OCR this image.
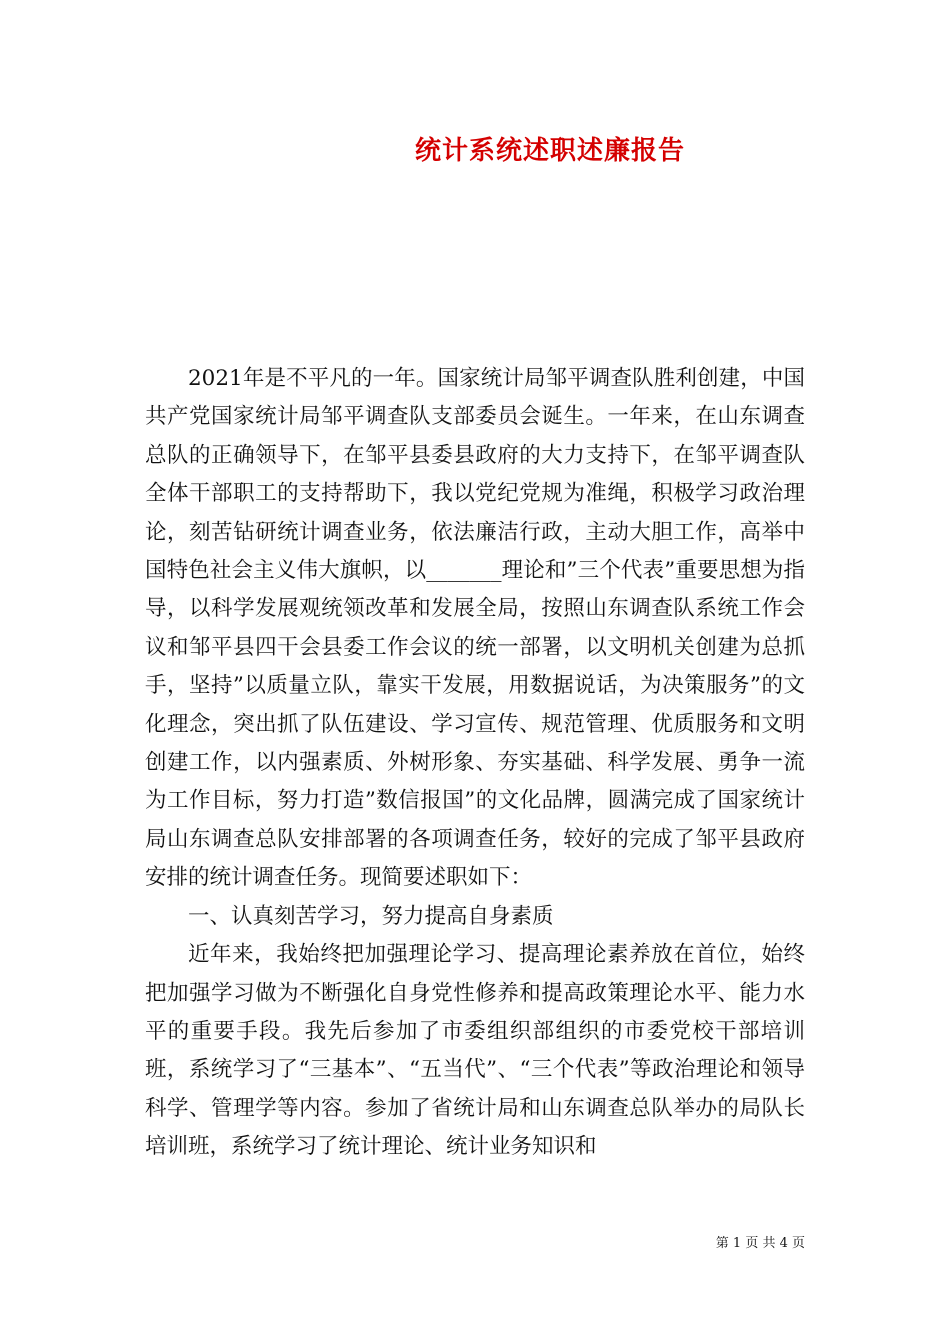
统计系统述职述廉报告

2021年是不平凡的一年。国家统计局邹平调查队胜利创建，中国共产党国家统计局邹平调查队支部委员会诞生。一年来，在山东调查总队的正确领导下，在邹平县委县政府的大力支持下，在邹平调查队全体干部职工的支持帮助下，我以党纪党规为准绳，积极学习政治理论，刻苦钻研统计调查业务，依法廉洁行政，主动大胆工作，高举中国特色社会主义伟大旗帜，以_______理论和”三个代表”重要思想为指导，以科学发展观统领改革和发展全局，按照山东调查队系统工作会议和邹平县四干会县委工作会议的统一部署，以文明机关创建为总抓手，坚持”以质量立队，靠实干发展，用数据说话，为决策服务”的文化理念，突出抓了队伍建设、学习宣传、规范管理、优质服务和文明创建工作，以内强素质、外树形象、夯实基础、科学发展、勇争一流为工作目标，努力打造”数信报国”的文化品牌，圆满完成了国家统计局山东调查总队安排部署的各项调查任务，较好的完成了邹平县政府安排的统计调查任务。现简要述职如下：

一、认真刻苦学习，努力提高自身素质

近年来，我始终把加强理论学习、提高理论素养放在首位，始终把加强学习做为不断强化自身党性修养和提高政策理论水平、能力水平的重要手段。我先后参加了市委组织部组织的市委党校干部培训班，系统学习了“三基本”、“五当代”、“三个代表”等政治理论和领导科学、管理学等内容。参加了省统计局和山东调查总队举办的局队长培训班，系统学习了统计理论、统计业务知识和

第 1 页 共 4 页
